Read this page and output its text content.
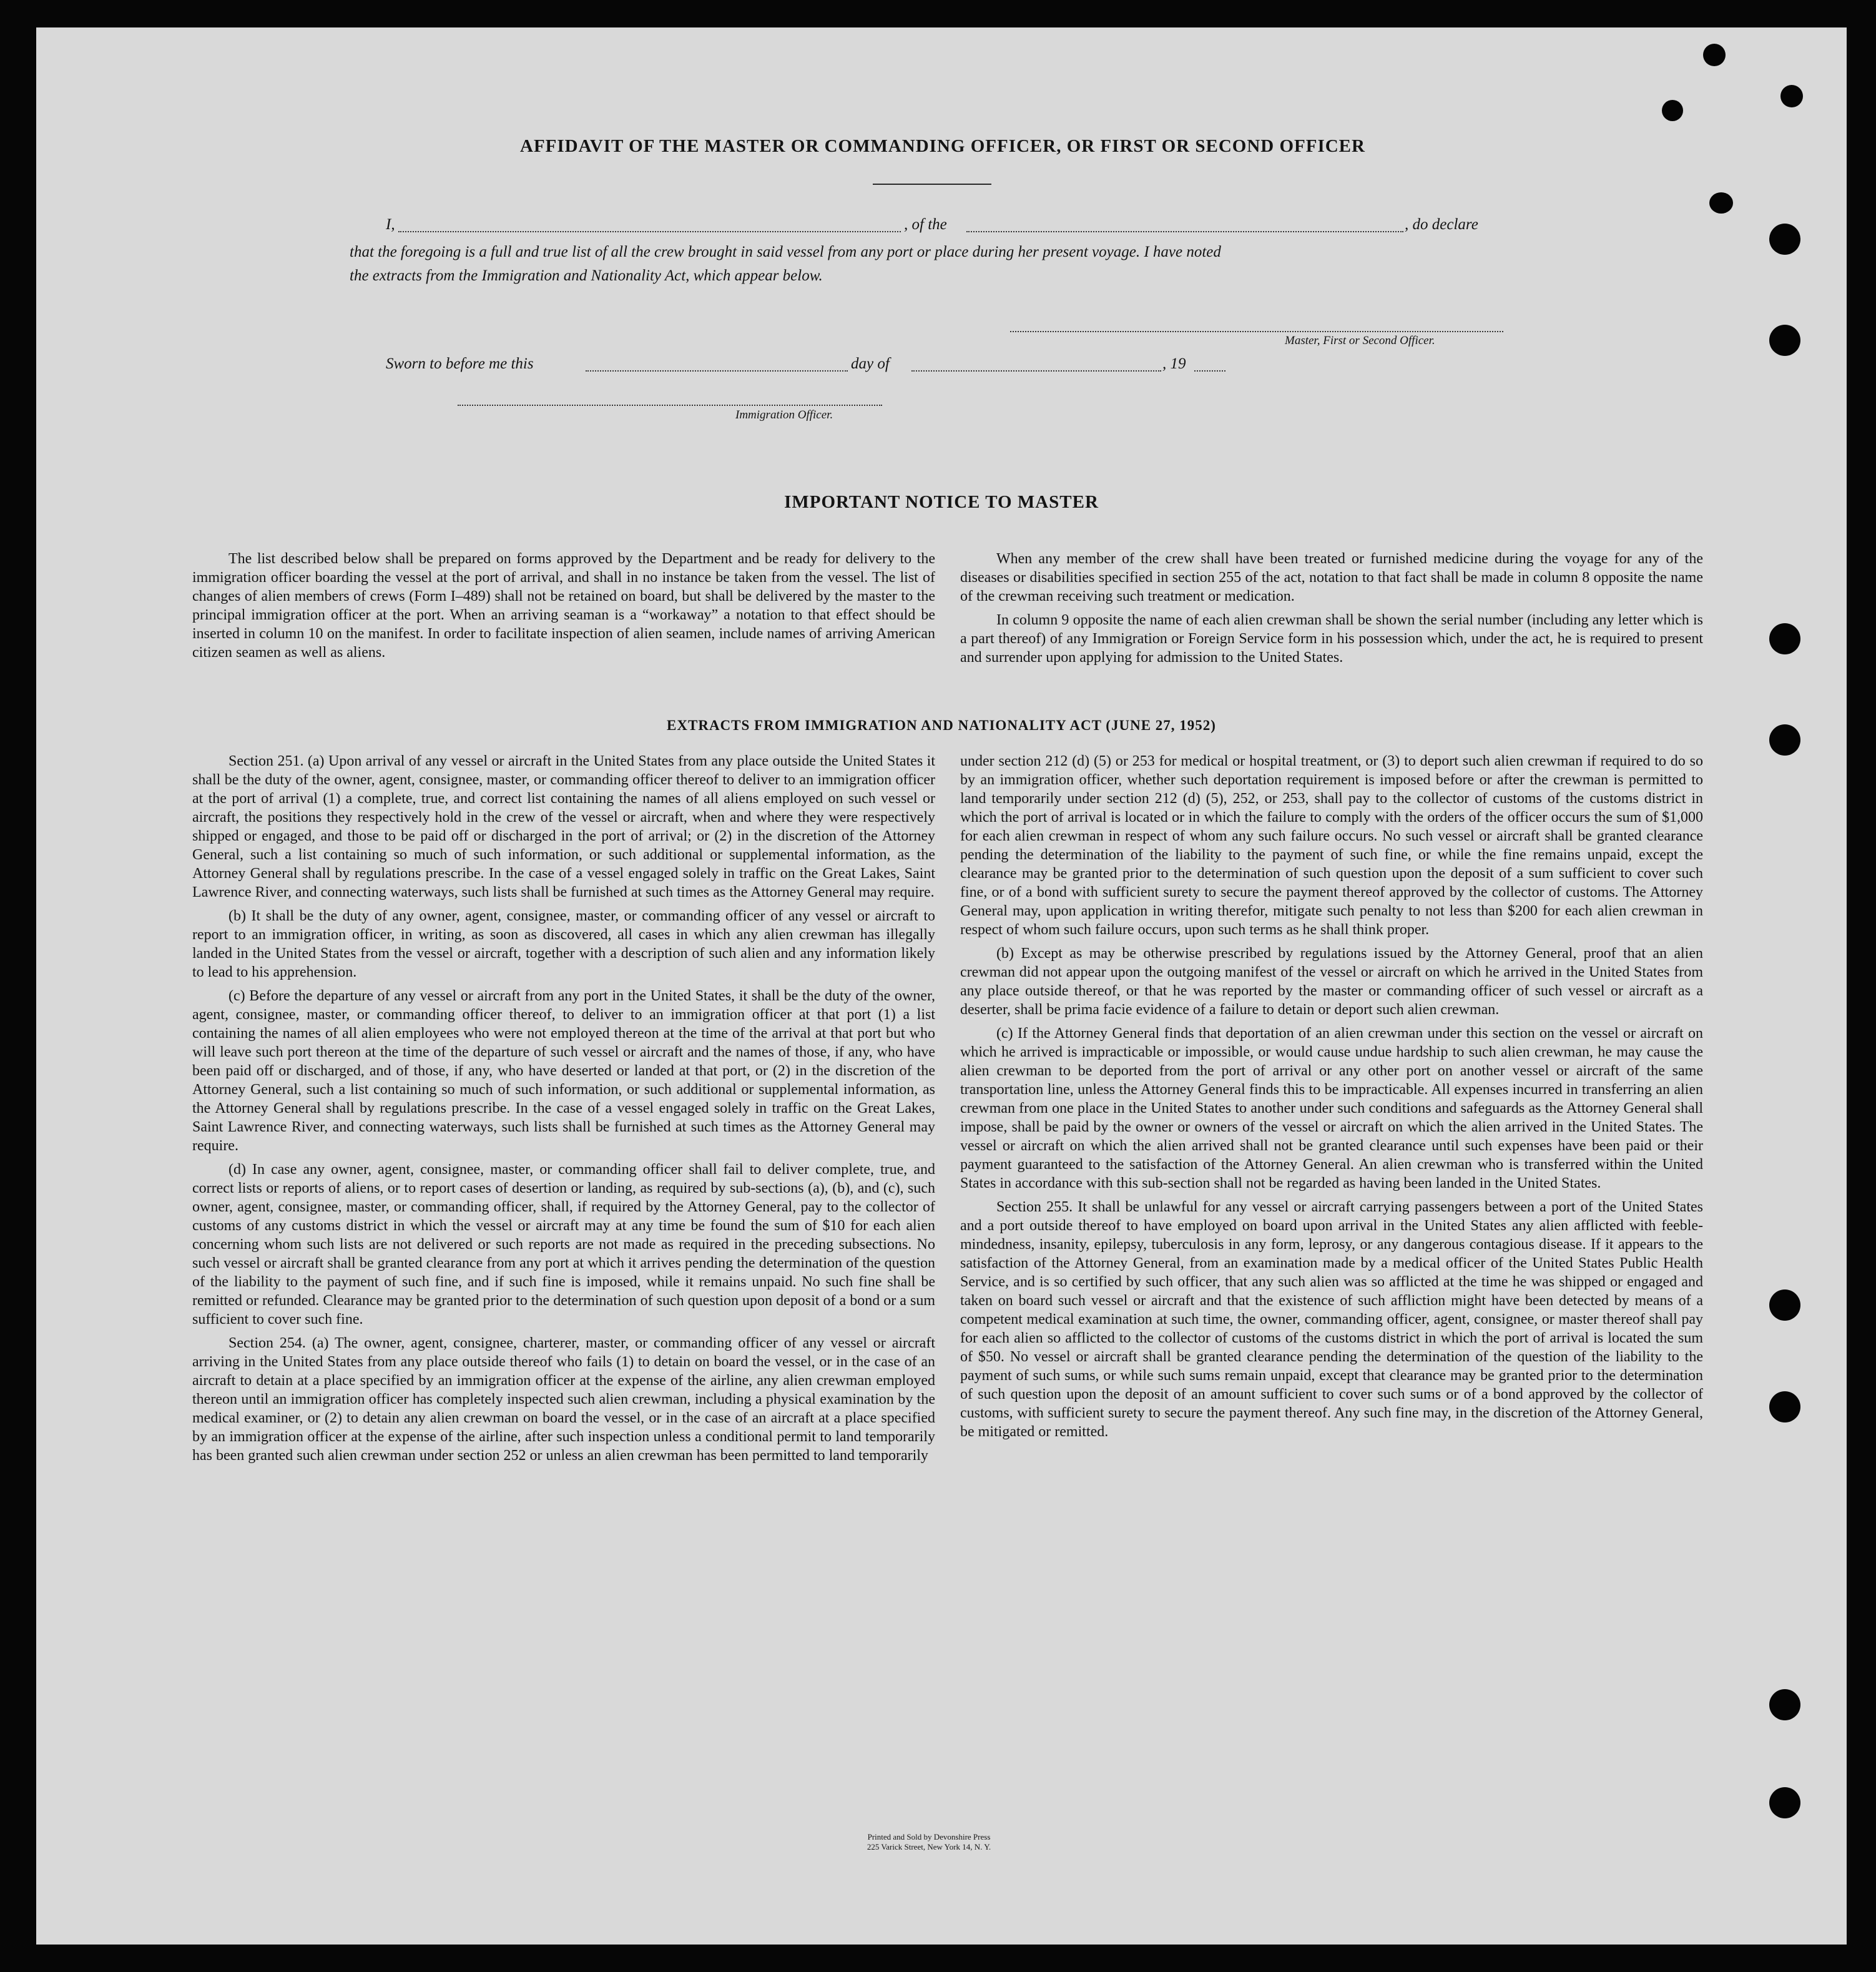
AFFIDAVIT OF THE MASTER OR COMMANDING OFFICER, OR FIRST OR SECOND OFFICER
I,	, of the	, do declare
that the foregoing is a full and true list of all the crew brought in said vessel from any port or place during her present voyage. I have noted
the extracts from the Immigration and Nationality Act, which appear below.
Master, First or Second Officer.
Sworn to before me this	day of	, 19
Immigration Officer.
IMPORTANT NOTICE TO MASTER

The list described below shall be prepared on forms approved by the Department and be ready for delivery to the immigration officer boarding the vessel at the port of arrival, and shall in no instance be taken from the vessel. The list of changes of alien members of crews (Form I–489) shall not be retained on board, but shall be delivered by the master to the principal immigration officer at the port. When an arriving seaman is a “workaway” a notation to that effect should be inserted in column 10 on the manifest. In order to facilitate inspection of alien seamen, include names of arriving American citizen seamen as well as aliens.

When any member of the crew shall have been treated or furnished medicine during the voyage for any of the diseases or disabilities specified in section 255 of the act, notation to that fact shall be made in column 8 opposite the name of the crewman receiving such treatment or medication.

In column 9 opposite the name of each alien crewman shall be shown the serial number (including any letter which is a part thereof) of any Immigration or Foreign Service form in his possession which, under the act, he is required to present and surrender upon applying for admission to the United States.

EXTRACTS FROM IMMIGRATION AND NATIONALITY ACT (JUNE 27, 1952)

Section 251. (a) Upon arrival of any vessel or aircraft in the United States from any place outside the United States it shall be the duty of the owner, agent, consignee, master, or commanding officer thereof to deliver to an immigration officer at the port of arrival (1) a complete, true, and correct list containing the names of all aliens employed on such vessel or aircraft, the positions they respectively hold in the crew of the vessel or aircraft, when and where they were respectively shipped or engaged, and those to be paid off or discharged in the port of arrival; or (2) in the discretion of the Attorney General, such a list containing so much of such information, or such additional or supplemental information, as the Attorney General shall by regulations prescribe. In the case of a vessel engaged solely in traffic on the Great Lakes, Saint Lawrence River, and connecting waterways, such lists shall be furnished at such times as the Attorney General may require.

(b) It shall be the duty of any owner, agent, consignee, master, or commanding officer of any vessel or aircraft to report to an immigration officer, in writing, as soon as discovered, all cases in which any alien crewman has illegally landed in the United States from the vessel or aircraft, together with a description of such alien and any information likely to lead to his apprehension.

(c) Before the departure of any vessel or aircraft from any port in the United States, it shall be the duty of the owner, agent, consignee, master, or commanding officer thereof, to deliver to an immigration officer at that port (1) a list containing the names of all alien employees who were not employed thereon at the time of the arrival at that port but who will leave such port thereon at the time of the departure of such vessel or aircraft and the names of those, if any, who have been paid off or discharged, and of those, if any, who have deserted or landed at that port, or (2) in the discretion of the Attorney General, such a list containing so much of such information, or such additional or supplemental information, as the Attorney General shall by regulations prescribe. In the case of a vessel engaged solely in traffic on the Great Lakes, Saint Lawrence River, and connecting waterways, such lists shall be furnished at such times as the Attorney General may require.

(d) In case any owner, agent, consignee, master, or commanding officer shall fail to deliver complete, true, and correct lists or reports of aliens, or to report cases of desertion or landing, as required by sub-sections (a), (b), and (c), such owner, agent, consignee, master, or commanding officer, shall, if required by the Attorney General, pay to the collector of customs of any customs district in which the vessel or aircraft may at any time be found the sum of $10 for each alien concerning whom such lists are not delivered or such reports are not made as required in the preceding subsections. No such vessel or aircraft shall be granted clearance from any port at which it arrives pending the determination of the question of the liability to the payment of such fine, and if such fine is imposed, while it remains unpaid. No such fine shall be remitted or refunded. Clearance may be granted prior to the determination of such question upon deposit of a bond or a sum sufficient to cover such fine.

Section 254. (a) The owner, agent, consignee, charterer, master, or commanding officer of any vessel or aircraft arriving in the United States from any place outside thereof who fails (1) to detain on board the vessel, or in the case of an aircraft to detain at a place specified by an immigration officer at the expense of the airline, any alien crewman employed thereon until an immigration officer has completely inspected such alien crewman, including a physical examination by the medical examiner, or (2) to detain any alien crewman on board the vessel, or in the case of an aircraft at a place specified by an immigration officer at the expense of the airline, after such inspection unless a conditional permit to land temporarily has been granted such alien crewman under section 252 or unless an alien crewman has been permitted to land temporarily

under section 212 (d) (5) or 253 for medical or hospital treatment, or (3) to deport such alien crewman if required to do so by an immigration officer, whether such deportation requirement is imposed before or after the crewman is permitted to land temporarily under section 212 (d) (5), 252, or 253, shall pay to the collector of customs of the customs district in which the port of arrival is located or in which the failure to comply with the orders of the officer occurs the sum of $1,000 for each alien crewman in respect of whom any such failure occurs. No such vessel or aircraft shall be granted clearance pending the determination of the liability to the payment of such fine, or while the fine remains unpaid, except the clearance may be granted prior to the determination of such question upon the deposit of a sum sufficient to cover such fine, or of a bond with sufficient surety to secure the payment thereof approved by the collector of customs. The Attorney General may, upon application in writing therefor, mitigate such penalty to not less than $200 for each alien crewman in respect of whom such failure occurs, upon such terms as he shall think proper.

(b) Except as may be otherwise prescribed by regulations issued by the Attorney General, proof that an alien crewman did not appear upon the outgoing manifest of the vessel or aircraft on which he arrived in the United States from any place outside thereof, or that he was reported by the master or commanding officer of such vessel or aircraft as a deserter, shall be prima facie evidence of a failure to detain or deport such alien crewman.

(c) If the Attorney General finds that deportation of an alien crewman under this section on the vessel or aircraft on which he arrived is impracticable or impossible, or would cause undue hardship to such alien crewman, he may cause the alien crewman to be deported from the port of arrival or any other port on another vessel or aircraft of the same transportation line, unless the Attorney General finds this to be impracticable. All expenses incurred in transferring an alien crewman from one place in the United States to another under such conditions and safeguards as the Attorney General shall impose, shall be paid by the owner or owners of the vessel or aircraft on which the alien arrived in the United States. The vessel or aircraft on which the alien arrived shall not be granted clearance until such expenses have been paid or their payment guaranteed to the satisfaction of the Attorney General. An alien crewman who is transferred within the United States in accordance with this sub-section shall not be regarded as having been landed in the United States.

Section 255. It shall be unlawful for any vessel or aircraft carrying passengers between a port of the United States and a port outside thereof to have employed on board upon arrival in the United States any alien afflicted with feeble-mindedness, insanity, epilepsy, tuberculosis in any form, leprosy, or any dangerous contagious disease. If it appears to the satisfaction of the Attorney General, from an examination made by a medical officer of the United States Public Health Service, and is so certified by such officer, that any such alien was so afflicted at the time he was shipped or engaged and taken on board such vessel or aircraft and that the existence of such affliction might have been detected by means of a competent medical examination at such time, the owner, commanding officer, agent, consignee, or master thereof shall pay for each alien so afflicted to the collector of customs of the customs district in which the port of arrival is located the sum of $50. No vessel or aircraft shall be granted clearance pending the determination of the question of the liability to the payment of such sums, or while such sums remain unpaid, except that clearance may be granted prior to the determination of such question upon the deposit of an amount sufficient to cover such sums or of a bond approved by the collector of customs, with sufficient surety to secure the payment thereof. Any such fine may, in the discretion of the Attorney General, be mitigated or remitted.

Printed and Sold by Devonshire Press
225 Varick Street, New York 14, N. Y.
